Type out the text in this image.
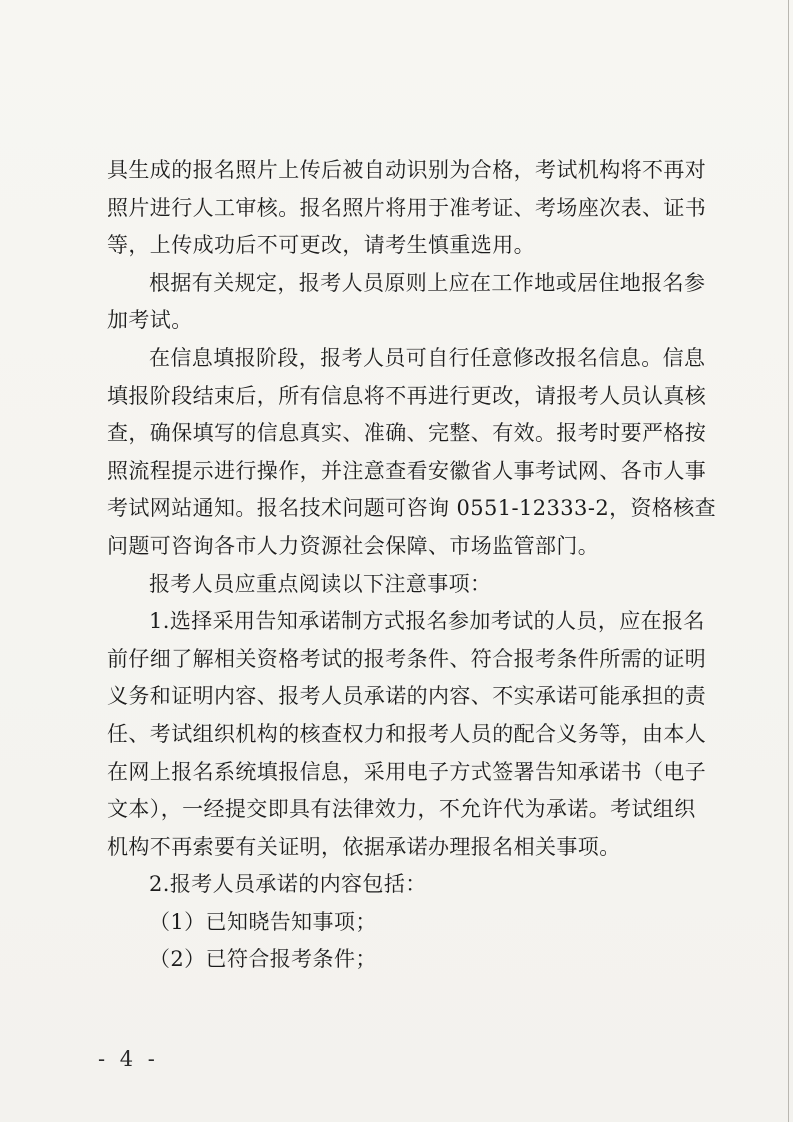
具生成的报名照片上传后被自动识别为合格，考试机构将不再对
照片进行人工审核。报名照片将用于准考证、考场座次表、证书
等，上传成功后不可更改，请考生慎重选用。
根据有关规定，报考人员原则上应在工作地或居住地报名参
加考试。
在信息填报阶段，报考人员可自行任意修改报名信息。信息
填报阶段结束后，所有信息将不再进行更改，请报考人员认真核
查，确保填写的信息真实、准确、完整、有效。报考时要严格按
照流程提示进行操作，并注意查看安徽省人事考试网、各市人事
考试网站通知。报名技术问题可咨询 0551-12333-2，资格核查
问题可咨询各市人力资源社会保障、市场监管部门。
报考人员应重点阅读以下注意事项：
1.选择采用告知承诺制方式报名参加考试的人员，应在报名
前仔细了解相关资格考试的报考条件、符合报考条件所需的证明
义务和证明内容、报考人员承诺的内容、不实承诺可能承担的责
任、考试组织机构的核查权力和报考人员的配合义务等，由本人
在网上报名系统填报信息，采用电子方式签署告知承诺书（电子
文本），一经提交即具有法律效力，不允许代为承诺。考试组织
机构不再索要有关证明，依据承诺办理报名相关事项。
2.报考人员承诺的内容包括：
（1）已知晓告知事项；
（2）已符合报考条件；
- 4 -
